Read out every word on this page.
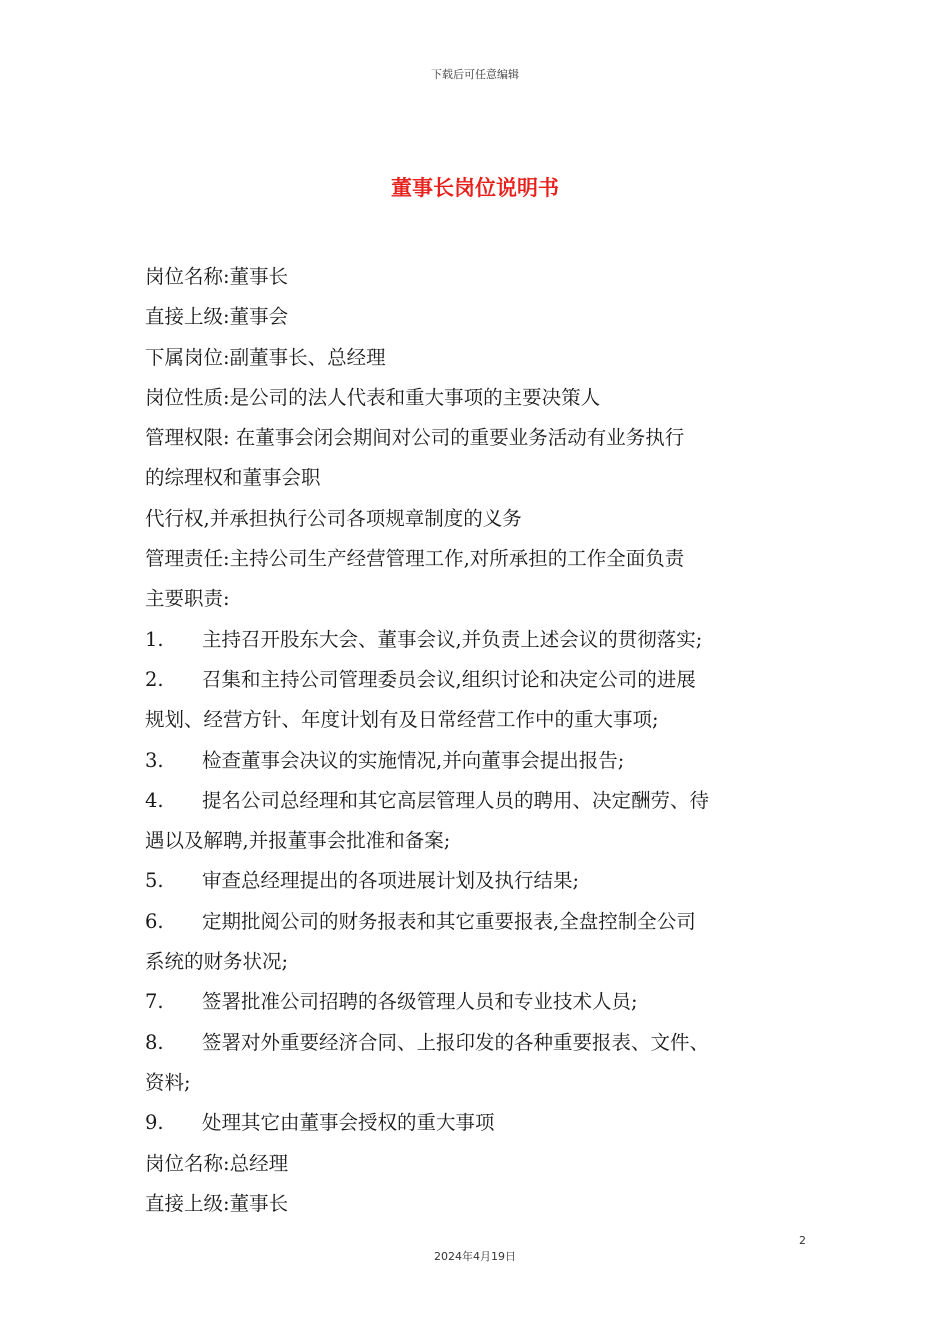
下载后可任意编辑
董事长岗位说明书
岗位名称:董事长
直接上级:董事会
下属岗位:副董事长、总经理
岗位性质:是公司的法人代表和重大事项的主要决策人
管理权限: 在董事会闭会期间对公司的重要业务活动有业务执行
的综理权和董事会职
代行权,并承担执行公司各项规章制度的义务
管理责任:主持公司生产经营管理工作,对所承担的工作全面负责
主要职责:
1.	主持召开股东大会、董事会议,并负责上述会议的贯彻落实;
2.	召集和主持公司管理委员会议,组织讨论和决定公司的进展
规划、经营方针、年度计划有及日常经营工作中的重大事项;
3.	检查董事会决议的实施情况,并向董事会提出报告;
4.	提名公司总经理和其它高层管理人员的聘用、决定酬劳、待
遇以及解聘,并报董事会批准和备案;
5.	审查总经理提出的各项进展计划及执行结果;
6.	定期批阅公司的财务报表和其它重要报表,全盘控制全公司
系统的财务状况;
7.	签署批准公司招聘的各级管理人员和专业技术人员;
8.	签署对外重要经济合同、上报印发的各种重要报表、文件、
资料;
9.	处理其它由董事会授权的重大事项
岗位名称:总经理
直接上级:董事长
2
2024年4月19日
